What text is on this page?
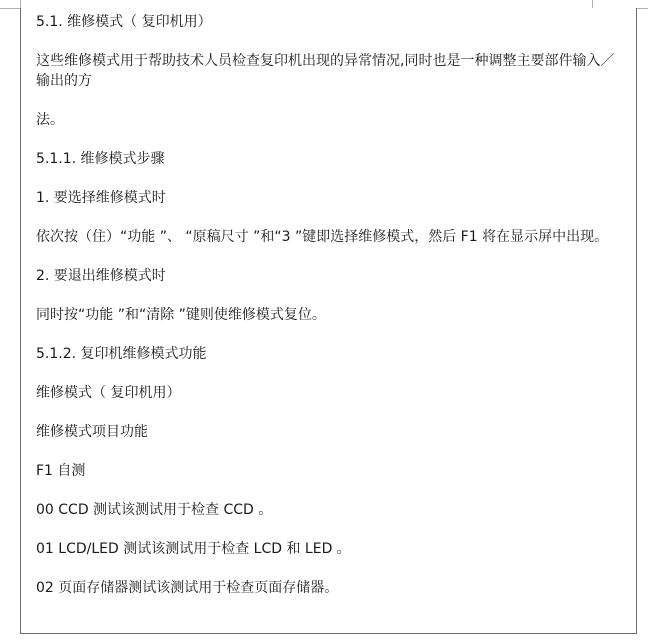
5.1. 维修模式（ 复印机用）

这些维修模式用于帮助技术人员检查复印机出现的异常情况,同时也是一种调整主要部件输入／输出的方

法。

5.1.1. 维修模式步骤

1. 要选择维修模式时

依次按（住）“功能 ”、 “原稿尺寸 ”和“3 ”键即选择维修模式，然后 F1 将在显示屏中出现。

2. 要退出维修模式时

同时按“功能 ”和“清除 ”键则使维修模式复位。

5.1.2. 复印机维修模式功能

维修模式（ 复印机用）

维修模式项目功能

F1 自测

00 CCD 测试该测试用于检查 CCD 。

01 LCD/LED 测试该测试用于检查 LCD 和 LED 。

02 页面存储器测试该测试用于检查页面存储器。
